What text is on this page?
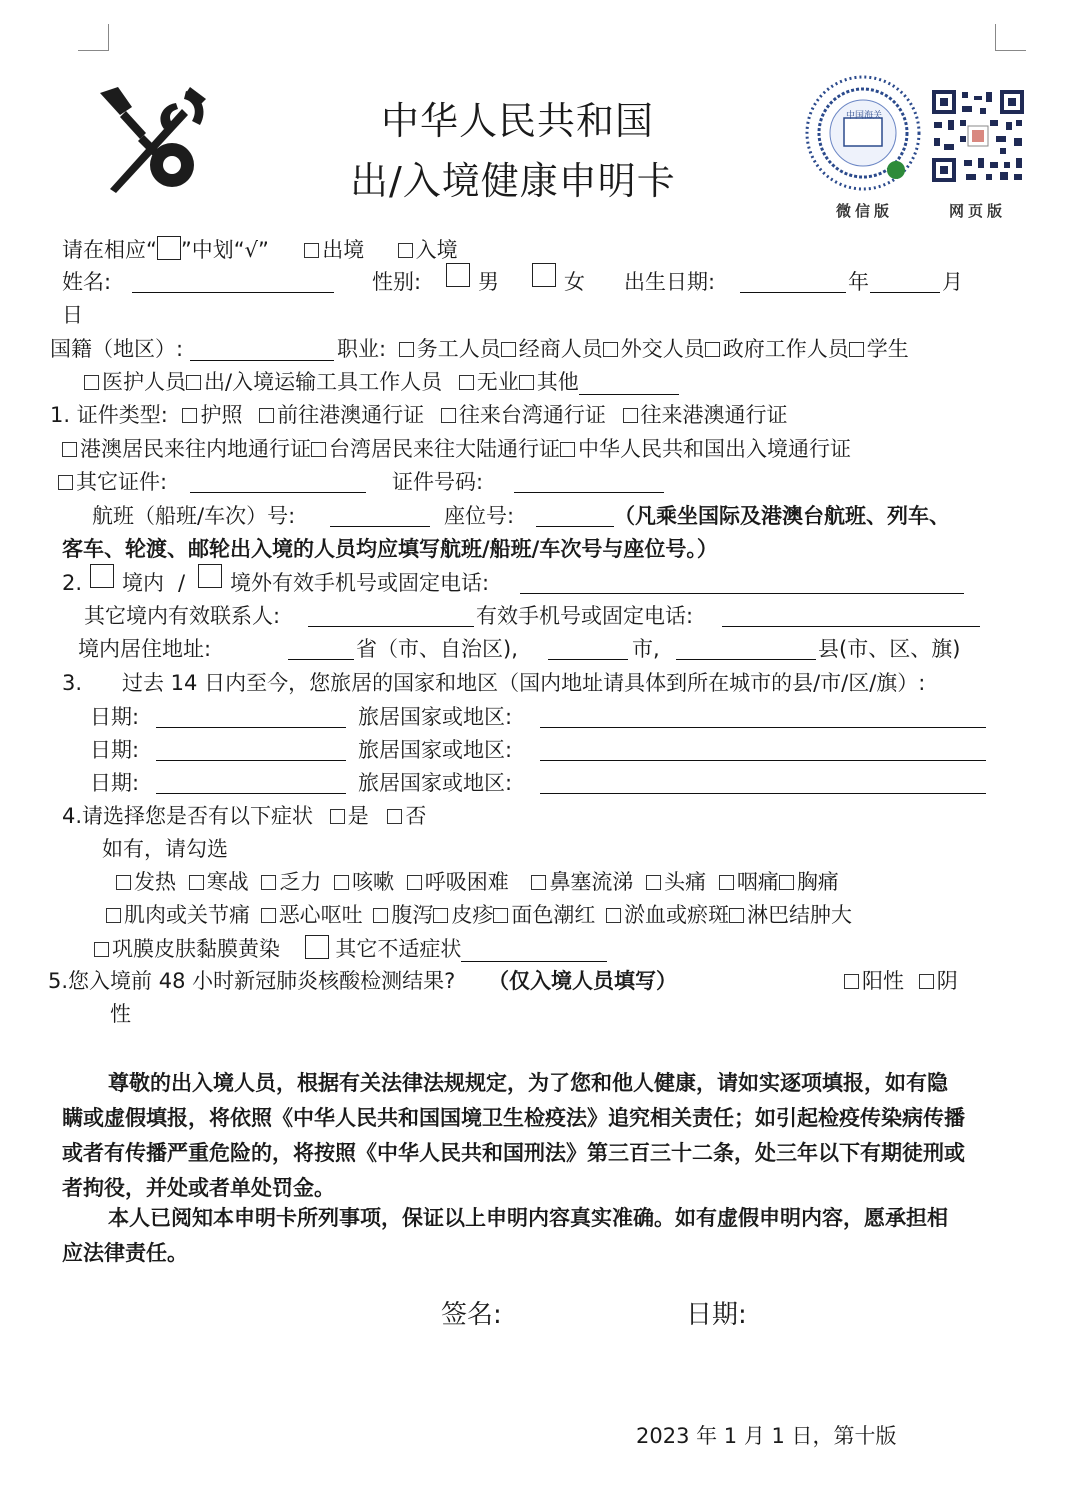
中华人民共和国
出/入境健康申明卡
中国海关
微信版	网页版
请在相应“ ”中划“√”	出境 入境
姓名:	性别:	男	女 出生日期:	年	月
日
国籍（地区）:	职业: 务工人员 经商人员 外交人员 政府工作人员 学生
医护人员 出/入境运输工具工作人员 无业 其他
1. 证件类型: 护照 前往港澳通行证 往来台湾通行证 往来港澳通行证
港澳居民来往内地通行证 台湾居民来往大陆通行证 中华人民共和国出入境通行证
其它证件:	证件号码:
航班（船班/车次）号:	座位号:	（凡乘坐国际及港澳台航班、列车、
客车、轮渡、邮轮出入境的人员均应填写航班/船班/车次号与座位号。）
2. 境内 / 境外有效手机号或固定电话:
其它境内有效联系人:	有效手机号或固定电话:
境内居住地址:	省（市、自治区),	市,	县(市、区、旗)
3. 过去 14 日内至今，您旅居的国家和地区（国内地址请具体到所在城市的县/市/区/旗）:
日期:	旅居国家或地区:
日期:	旅居国家或地区:
日期:	旅居国家或地区:
4.请选择您是否有以下症状 是 否
如有，请勾选
发热 寒战 乏力 咳嗽 呼吸困难 鼻塞流涕 头痛 咽痛 胸痛
肌肉或关节痛 恶心呕吐 腹泻 皮疹 面色潮红 淤血或瘀斑 淋巴结肿大
巩膜皮肤黏膜黄染	其它不适症状
5.您入境前 48 小时新冠肺炎核酸检测结果? （仅入境人员填写）	阳性 阴
性
尊敬的出入境人员，根据有关法律法规规定，为了您和他人健康，请如实逐项填报，如有隐瞒或虚假填报，将依照《中华人民共和国国境卫生检疫法》追究相关责任；如引起检疫传染病传播或者有传播严重危险的，将按照《中华人民共和国刑法》第三百三十二条，处三年以下有期徒刑或者拘役，并处或者单处罚金。
本人已阅知本申明卡所列事项，保证以上申明内容真实准确。如有虚假申明内容，愿承担相应法律责任。
签名:	日期:
2023 年 1 月 1 日，第十版
